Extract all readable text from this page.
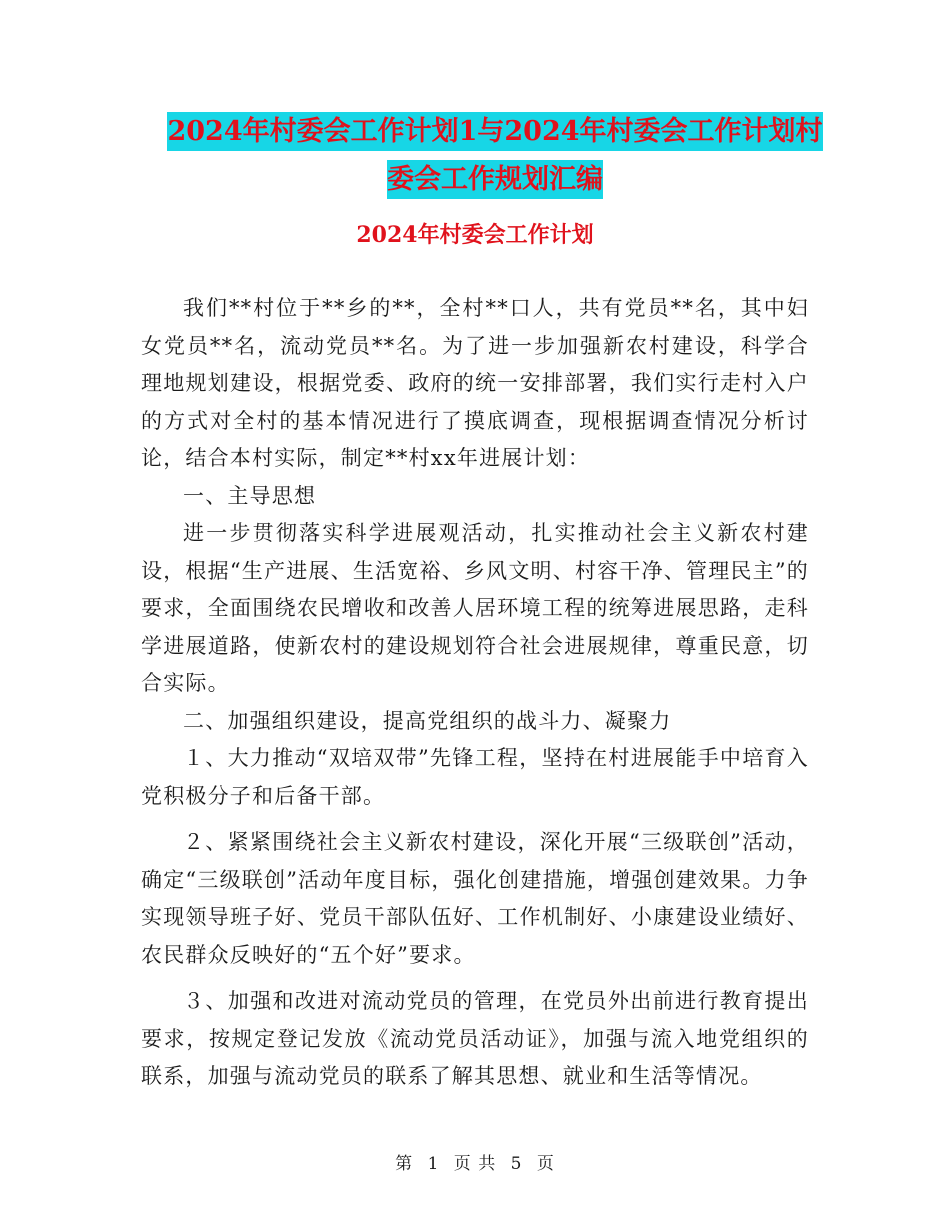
2024年村委会工作计划1与2024年村委会工作计划村
委会工作规划汇编
2024年村委会工作计划

我们**村位于**乡的**，全村**口人，共有党员**名，其中妇女党员**名，流动党员**名。为了进一步加强新农村建设，科学合理地规划建设，根据党委、政府的统一安排部署，我们实行走村入户的方式对全村的基本情况进行了摸底调查，现根据调查情况分析讨论，结合本村实际，制定**村xx年进展计划：

一、主导思想

进一步贯彻落实科学进展观活动，扎实推动社会主义新农村建设，根据“生产进展、生活宽裕、乡风文明、村容干净、管理民主”的要求，全面围绕农民增收和改善人居环境工程的统筹进展思路，走科学进展道路，使新农村的建设规划符合社会进展规律，尊重民意，切合实际。

二、加强组织建设，提高党组织的战斗力、凝聚力

１、大力推动“双培双带”先锋工程，坚持在村进展能手中培育入党积极分子和后备干部。

２、紧紧围绕社会主义新农村建设，深化开展“三级联创”活动，确定“三级联创”活动年度目标，强化创建措施，增强创建效果。力争实现领导班子好、党员干部队伍好、工作机制好、小康建设业绩好、农民群众反映好的“五个好”要求。

３、加强和改进对流动党员的管理，在党员外出前进行教育提出要求，按规定登记发放《流动党员活动证》，加强与流入地党组织的联系，加强与流动党员的联系了解其思想、就业和生活等情况。

第 1 页 共 5 页
